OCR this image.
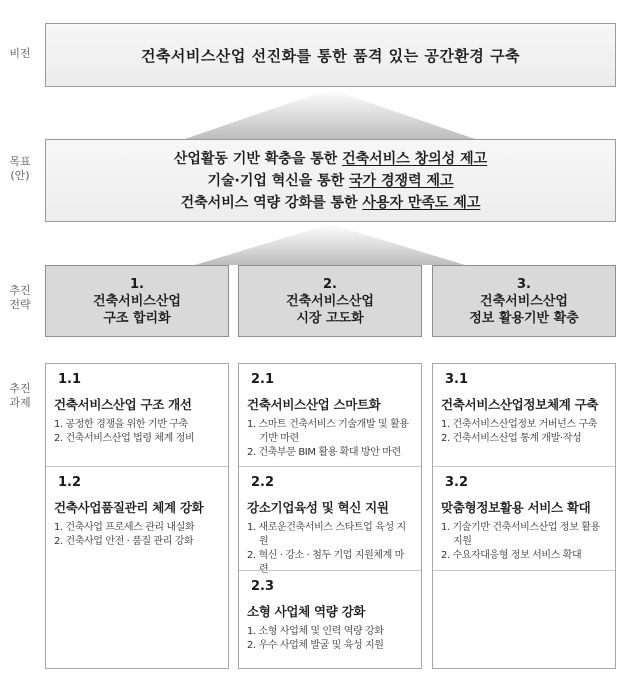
비전
목표
(안)
추진
전략
추진
과제
건축서비스산업 선진화를 통한 품격 있는 공간환경 구축
산업활동 기반 확충을 통한 건축서비스 창의성 제고
기술·기업 혁신을 통한 국가 경쟁력 제고
건축서비스 역량 강화를 통한 사용자 만족도 제고
1.
건축서비스산업
구조 합리화
2.
건축서비스산업
시장 고도화
3.
건축서비스산업
정보 활용기반 확충
1.1
건축서비스산업 구조 개선
1. 공정한 경쟁을 위한 기반 구축
2. 건축서비스산업 법령 체계 정비
1.2
건축사업품질관리 체계 강화
1. 건축사업 프로세스 관리 내실화
2. 건축사업 안전 · 품질 관리 강화
2.1
건축서비스산업 스마트화
1. 스마트 건축서비스 기술개발 및 활용 기반 마련
2. 건축부문 BIM 활용 확대 방안 마련
2.2
강소기업육성 및 혁신 지원
1. 새로운건축서비스 스타트업 육성 지원
2. 혁신 · 강소 · 첨두 기업 지원체계 마련
2.3
소형 사업체 역량 강화
1. 소형 사업체 및 인력 역량 강화
2. 우수 사업체 발굴 및 육성 지원
3.1
건축서비스산업정보체계 구축
1. 건축서비스산업정보 거버넌스 구축
2. 건축서비스산업 통계 개발·작성
3.2
맞춤형정보활용 서비스 확대
1. 기술기반 건축서비스산업 정보 활용 지원
2. 수요자대응형 정보 서비스 확대
